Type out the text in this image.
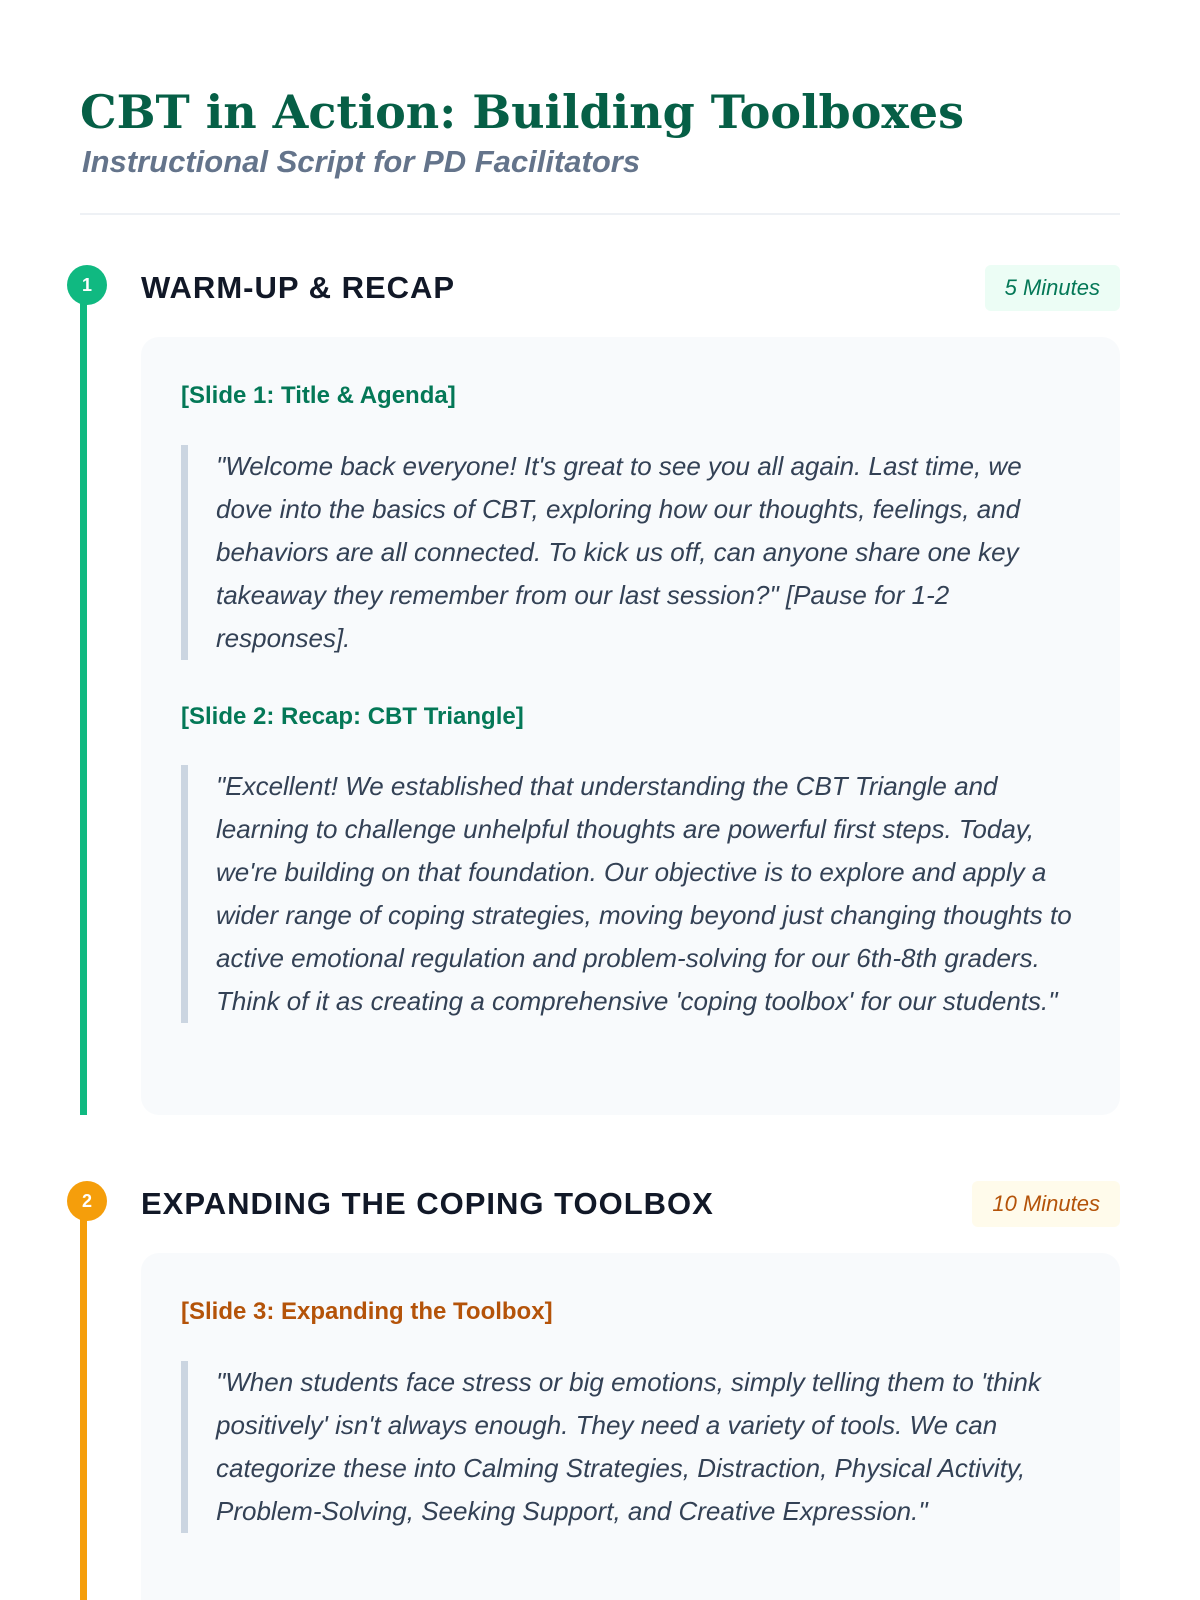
CBT in Action: Building Toolboxes
Instructional Script for PD Facilitators
1	WARM-UP & RECAP	5 Minutes

[Slide 1: Title & Agenda]

"Welcome back everyone! It's great to see you all again. Last time, we dove into the basics of CBT, exploring how our thoughts, feelings, and behaviors are all connected. To kick us off, can anyone share one key takeaway they remember from our last session?" [Pause for 1-2 responses].

[Slide 2: Recap: CBT Triangle]

"Excellent! We established that understanding the CBT Triangle and learning to challenge unhelpful thoughts are powerful first steps. Today, we're building on that foundation. Our objective is to explore and apply a wider range of coping strategies, moving beyond just changing thoughts to active emotional regulation and problem-solving for our 6th-8th graders. Think of it as creating a comprehensive 'coping toolbox' for our students."
2	EXPANDING THE COPING TOOLBOX	10 Minutes

[Slide 3: Expanding the Toolbox]

"When students face stress or big emotions, simply telling them to 'think positively' isn't always enough. They need a variety of tools. We can categorize these into Calming Strategies, Distraction, Physical Activity, Problem-Solving, Seeking Support, and Creative Expression."
